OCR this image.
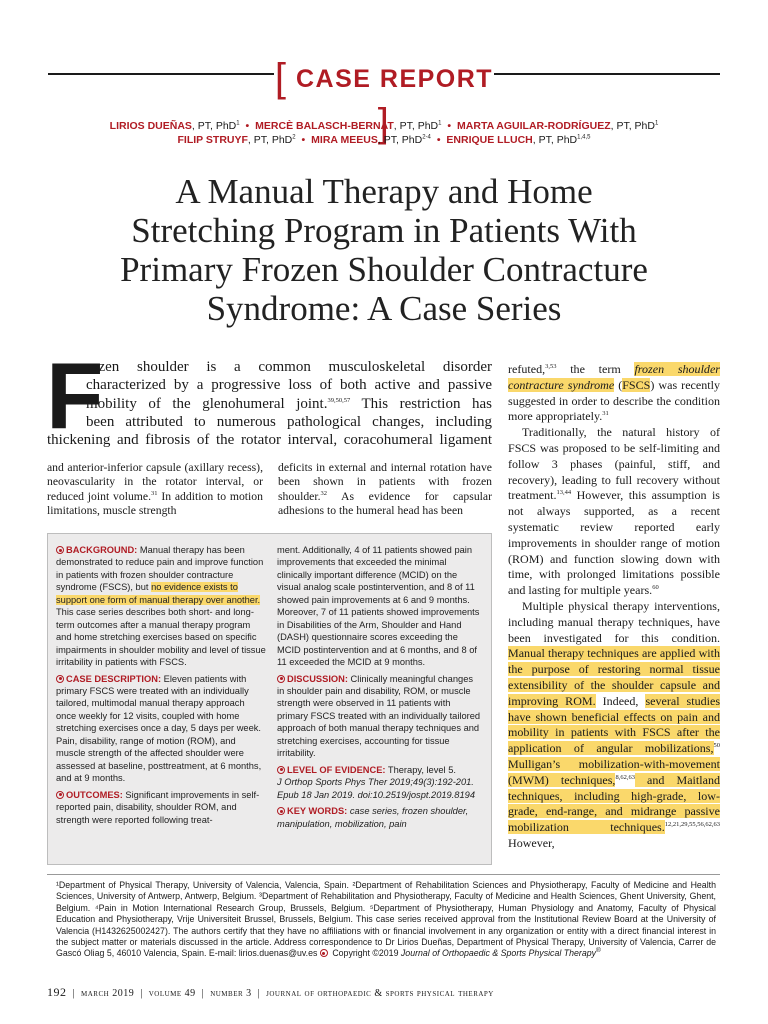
[ CASE REPORT ]
LIRIOS DUEÑAS, PT, PhD$^1$ • MERCÈ BALASCH-BERNAT, PT, PhD$^1$ • MARTA AGUILAR-RODRÍGUEZ, PT, PhD$^1$
FILIP STRUYF, PT, PhD$^2$ • MIRA MEEUS, PT, PhD$^{2-4}$ • ENRIQUE LLUCH, PT, PhD$^{1,4,5}$
A Manual Therapy and Home
Stretching Program in Patients With
Primary Frozen Shoulder Contracture
Syndrome: A Case Series
F
rozen shoulder is a common musculoskeletal disorder
characterized by a progressive loss of both active and passive
mobility of the glenohumeral joint.$^{39,50,57}$ This restriction has
been attributed to numerous pathological changes, including
thickening and fibrosis of the rotator interval, coracohumeral ligament
and anterior-inferior capsule (axillary recess), neovascularity in the rotator interval, or reduced joint volume.$^{31}$ In addition to motion limitations, muscle strength
deficits in external and internal rotation have been shown in patients with frozen shoulder.$^{32}$ As evidence for capsular adhesions to the humeral head has been
BACKGROUND: Manual therapy has been demonstrated to reduce pain and improve function in patients with frozen shoulder contracture syndrome (FSCS), but no evidence exists to support one form of manual therapy over another. This case series describes both short- and long-term outcomes after a manual therapy program and home stretching exercises based on specific impairments in shoulder mobility and level of tissue irritability in patients with FSCS.
CASE DESCRIPTION: Eleven patients with primary FSCS were treated with an individually tailored, multimodal manual therapy approach once weekly for 12 visits, coupled with home stretching exercises once a day, 5 days per week. Pain, disability, range of motion (ROM), and muscle strength of the affected shoulder were assessed at baseline, posttreatment, at 6 months, and at 9 months.
OUTCOMES: Significant improvements in self-reported pain, disability, shoulder ROM, and strength were reported following treat-
ment. Additionally, 4 of 11 patients showed pain improvements that exceeded the minimal clinically important difference (MCID) on the visual analog scale postintervention, and 8 of 11 showed pain improvements at 6 and 9 months. Moreover, 7 of 11 patients showed improvements in Disabilities of the Arm, Shoulder and Hand (DASH) questionnaire scores exceeding the MCID postintervention and at 6 months, and 8 of 11 exceeded the MCID at 9 months.
DISCUSSION: Clinically meaningful changes in shoulder pain and disability, ROM, or muscle strength were observed in 11 patients with primary FSCS treated with an individually tailored approach of both manual therapy techniques and stretching exercises, accounting for tissue irritability.
LEVEL OF EVIDENCE: Therapy, level 5.
J Orthop Sports Phys Ther 2019;49(3):192-201. Epub 18 Jan 2019. doi:10.2519/jospt.2019.8194
KEY WORDS: case series, frozen shoulder, manipulation, mobilization, pain
refuted,$^{3,53}$ the term frozen shoulder contracture syndrome (FSCS) was recently suggested in order to describe the condition more appropriately.$^{31}$
Traditionally, the natural history of FSCS was proposed to be self-limiting and follow 3 phases (painful, stiff, and recovery), leading to full recovery without treatment.$^{13,44}$ However, this assumption is not always supported, as a recent systematic review reported early improvements in shoulder range of motion (ROM) and function slowing down with time, with prolonged limitations possible and lasting for multiple years.$^{60}$
Multiple physical therapy interventions, including manual therapy techniques, have been investigated for this condition. Manual therapy techniques are applied with the purpose of restoring normal tissue extensibility of the shoulder capsule and improving ROM. Indeed, several studies have shown beneficial effects on pain and mobility in patients with FSCS after the application of angular mobilizations,$^{50}$ Mulligan’s mobilization-with-movement (MWM) techniques,$^{8,62,63}$ and Maitland techniques, including high-grade, low-grade, end-range, and midrange passive mobilization techniques.$^{12,21,29,55,56,62,63}$ However,
¹Department of Physical Therapy, University of Valencia, Valencia, Spain. ²Department of Rehabilitation Sciences and Physiotherapy, Faculty of Medicine and Health Sciences, University of Antwerp, Antwerp, Belgium. ³Department of Rehabilitation and Physiotherapy, Faculty of Medicine and Health Sciences, Ghent University, Ghent, Belgium. ⁴Pain in Motion International Research Group, Brussels, Belgium. ⁵Department of Physiotherapy, Human Physiology and Anatomy, Faculty of Physical Education and Physiotherapy, Vrije Universiteit Brussel, Brussels, Belgium. This case series received approval from the Institutional Review Board at the University of Valencia (H1432625002427). The authors certify that they have no affiliations with or financial involvement in any organization or entity with a direct financial interest in the subject matter or materials discussed in the article. Address correspondence to Dr Lirios Dueñas, Department of Physical Therapy, University of Valencia, Carrer de Gascó Oliag 5, 46010 Valencia, Spain. E-mail: lirios.duenas@uv.es  Copyright ©2019 Journal of Orthopaedic & Sports Physical Therapy®
192 | march 2019 | volume 49 | number 3 | journal of orthopaedic & sports physical therapy
